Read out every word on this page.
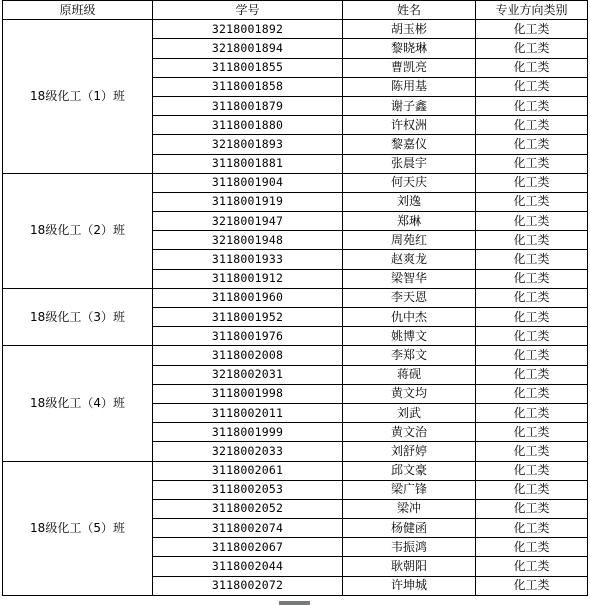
原班级	学号	姓名	专业方向类别
18级化工（1）班	3218001892	胡玉彬	化工类
	3218001894	黎晓琳	化工类
	3118001855	曹凯亮	化工类
	3118001858	陈用基	化工类
	3118001879	谢子鑫	化工类
	3118001880	许权洲	化工类
	3218001893	黎嘉仪	化工类
	3118001881	张晨宇	化工类
18级化工（2）班	3118001904	何天庆	化工类
	3118001919	刘逸	化工类
	3218001947	郑琳	化工类
	3218001948	周苑红	化工类
	3118001933	赵爽龙	化工类
	3118001912	梁智华	化工类
18级化工（3）班	3118001960	李天恩	化工类
	3118001952	仇中杰	化工类
	3118001976	姚博文	化工类
18级化工（4）班	3118002008	李郑文	化工类
	3218002031	蒋砚	化工类
	3118001998	黄文均	化工类
	3118002011	刘武	化工类
	3118001999	黄文治	化工类
	3218002033	刘舒婷	化工类
18级化工（5）班	3118002061	邱文豪	化工类
	3118002053	梁广锋	化工类
	3118002052	梁冲	化工类
	3118002074	杨健函	化工类
	3118002067	韦振鸿	化工类
	3118002044	耿朝阳	化工类
	3118002072	许坤城	化工类
